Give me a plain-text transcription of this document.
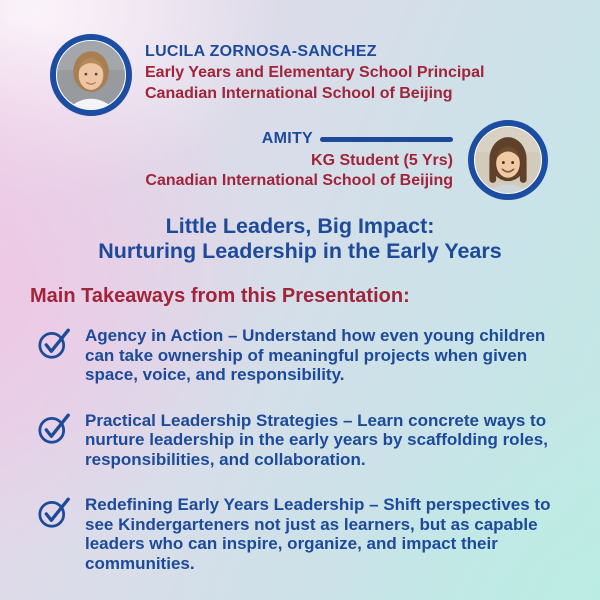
LUCILA ZORNOSA-SANCHEZ
Early Years and Elementary School Principal
Canadian International School of Beijing
AMITY
KG Student (5 Yrs)
Canadian International School of Beijing
Little Leaders, Big Impact:
Nurturing Leadership in the Early Years
Main Takeaways from this Presentation:

Agency in Action – Understand how even young children can take ownership of meaningful projects when given space, voice, and responsibility.

Practical Leadership Strategies – Learn concrete ways to nurture leadership in the early years by scaffolding roles, responsibilities, and collaboration.

Redefining Early Years Leadership – Shift perspectives to see Kindergarteners not just as learners, but as capable leaders who can inspire, organize, and impact their communities.
